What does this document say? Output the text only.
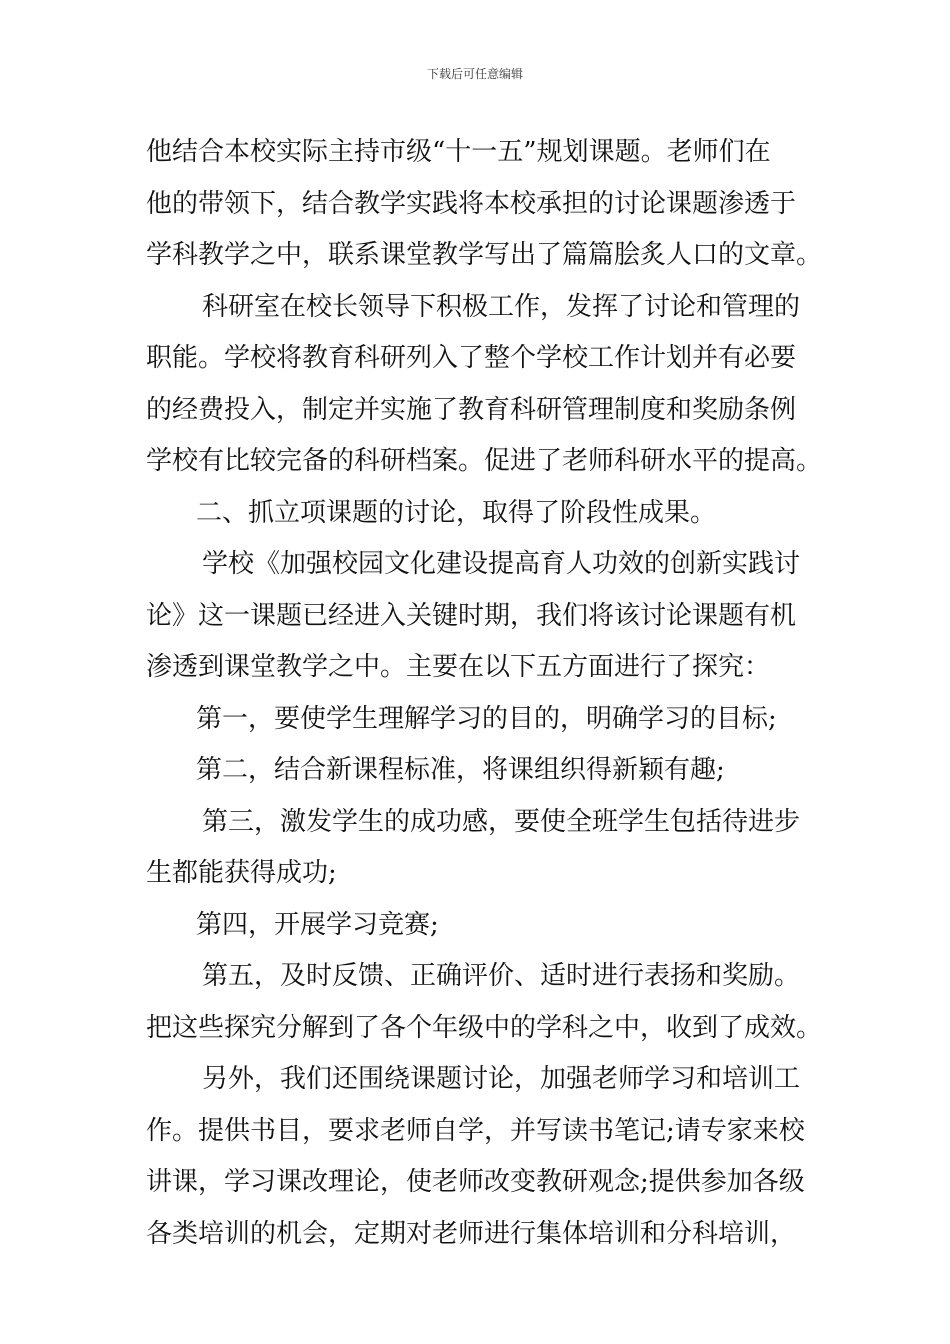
下载后可任意编辑
他结合本校实际主持市级“十一五”规划课题。老师们在
他的带领下，结合教学实践将本校承担的讨论课题渗透于
学科教学之中，联系课堂教学写出了篇篇脍炙人口的文章。
科研室在校长领导下积极工作，发挥了讨论和管理的
职能。学校将教育科研列入了整个学校工作计划并有必要
的经费投入，制定并实施了教育科研管理制度和奖励条例
学校有比较完备的科研档案。促进了老师科研水平的提高。
二、抓立项课题的讨论，取得了阶段性成果。
学校《加强校园文化建设提高育人功效的创新实践讨
论》这一课题已经进入关键时期，我们将该讨论课题有机
渗透到课堂教学之中。主要在以下五方面进行了探究：
第一，要使学生理解学习的目的，明确学习的目标;
第二，结合新课程标准，将课组织得新颖有趣;
第三，激发学生的成功感，要使全班学生包括待进步
生都能获得成功;
第四，开展学习竞赛;
第五，及时反馈、正确评价、适时进行表扬和奖励。
把这些探究分解到了各个年级中的学科之中，收到了成效。
另外，我们还围绕课题讨论，加强老师学习和培训工
作。提供书目，要求老师自学，并写读书笔记;请专家来校
讲课，学习课改理论，使老师改变教研观念;提供参加各级
各类培训的机会，定期对老师进行集体培训和分科培训，
